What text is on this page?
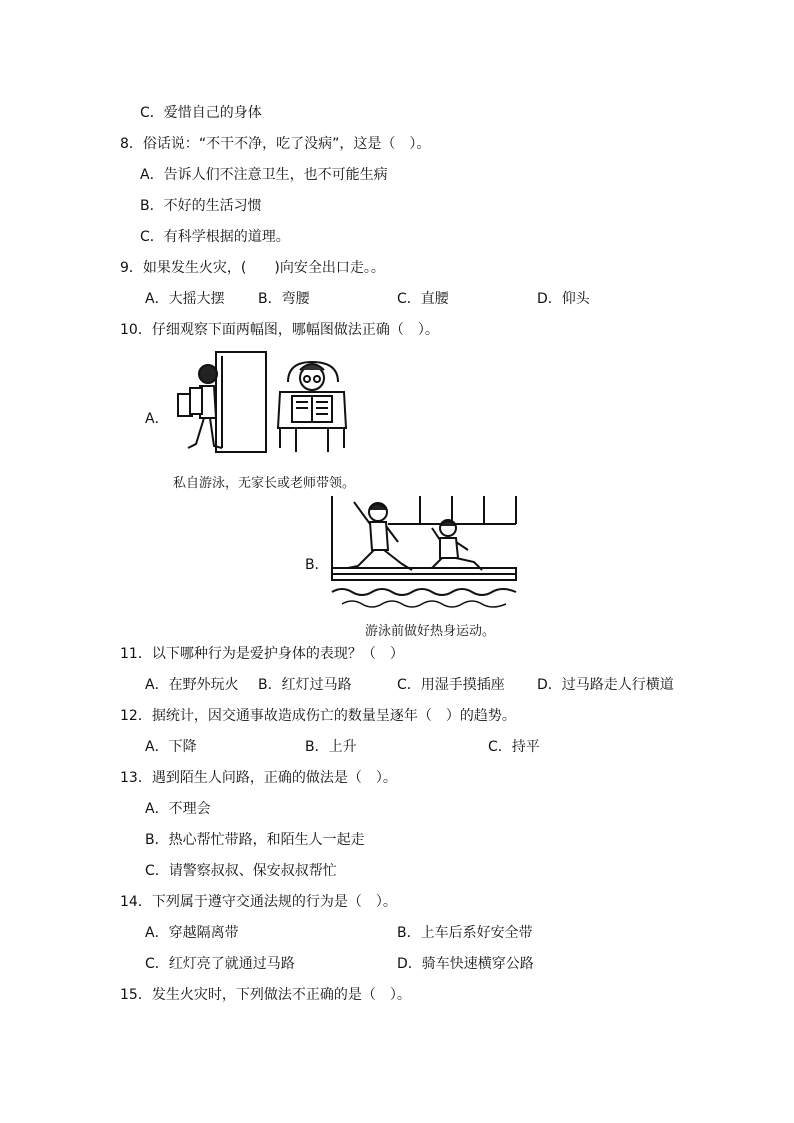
C．爱惜自己的身体
8．俗话说：“不干不净，吃了没病”，这是（　）。
A．告诉人们不注意卫生，也不可能生病
B．不好的生活习惯
C．有科学根据的道理。
9．如果发生火灾，(　　)向安全出口走。。
A．大摇大摆 B．弯腰	C．直腰	D．仰头
10．仔细观察下面两幅图，哪幅图做法正确（　）。
A．
私自游泳，无家长或老师带领。
B．
游泳前做好热身运动。
11．以下哪种行为是爱护身体的表现？（　）
A．在野外玩火 B．红灯过马路	C．用湿手摸插座 D．过马路走人行横道
12．据统计，因交通事故造成伤亡的数量呈逐年（　）的趋势。
A．下降	B．上升	C．持平
13．遇到陌生人问路，正确的做法是（　）。
A．不理会
B．热心帮忙带路，和陌生人一起走
C．请警察叔叔、保安叔叔帮忙
14．下列属于遵守交通法规的行为是（　）。
A．穿越隔离带	B．上车后系好安全带
C．红灯亮了就通过马路	D．骑车快速横穿公路
15．发生火灾时，下列做法不正确的是（　）。
